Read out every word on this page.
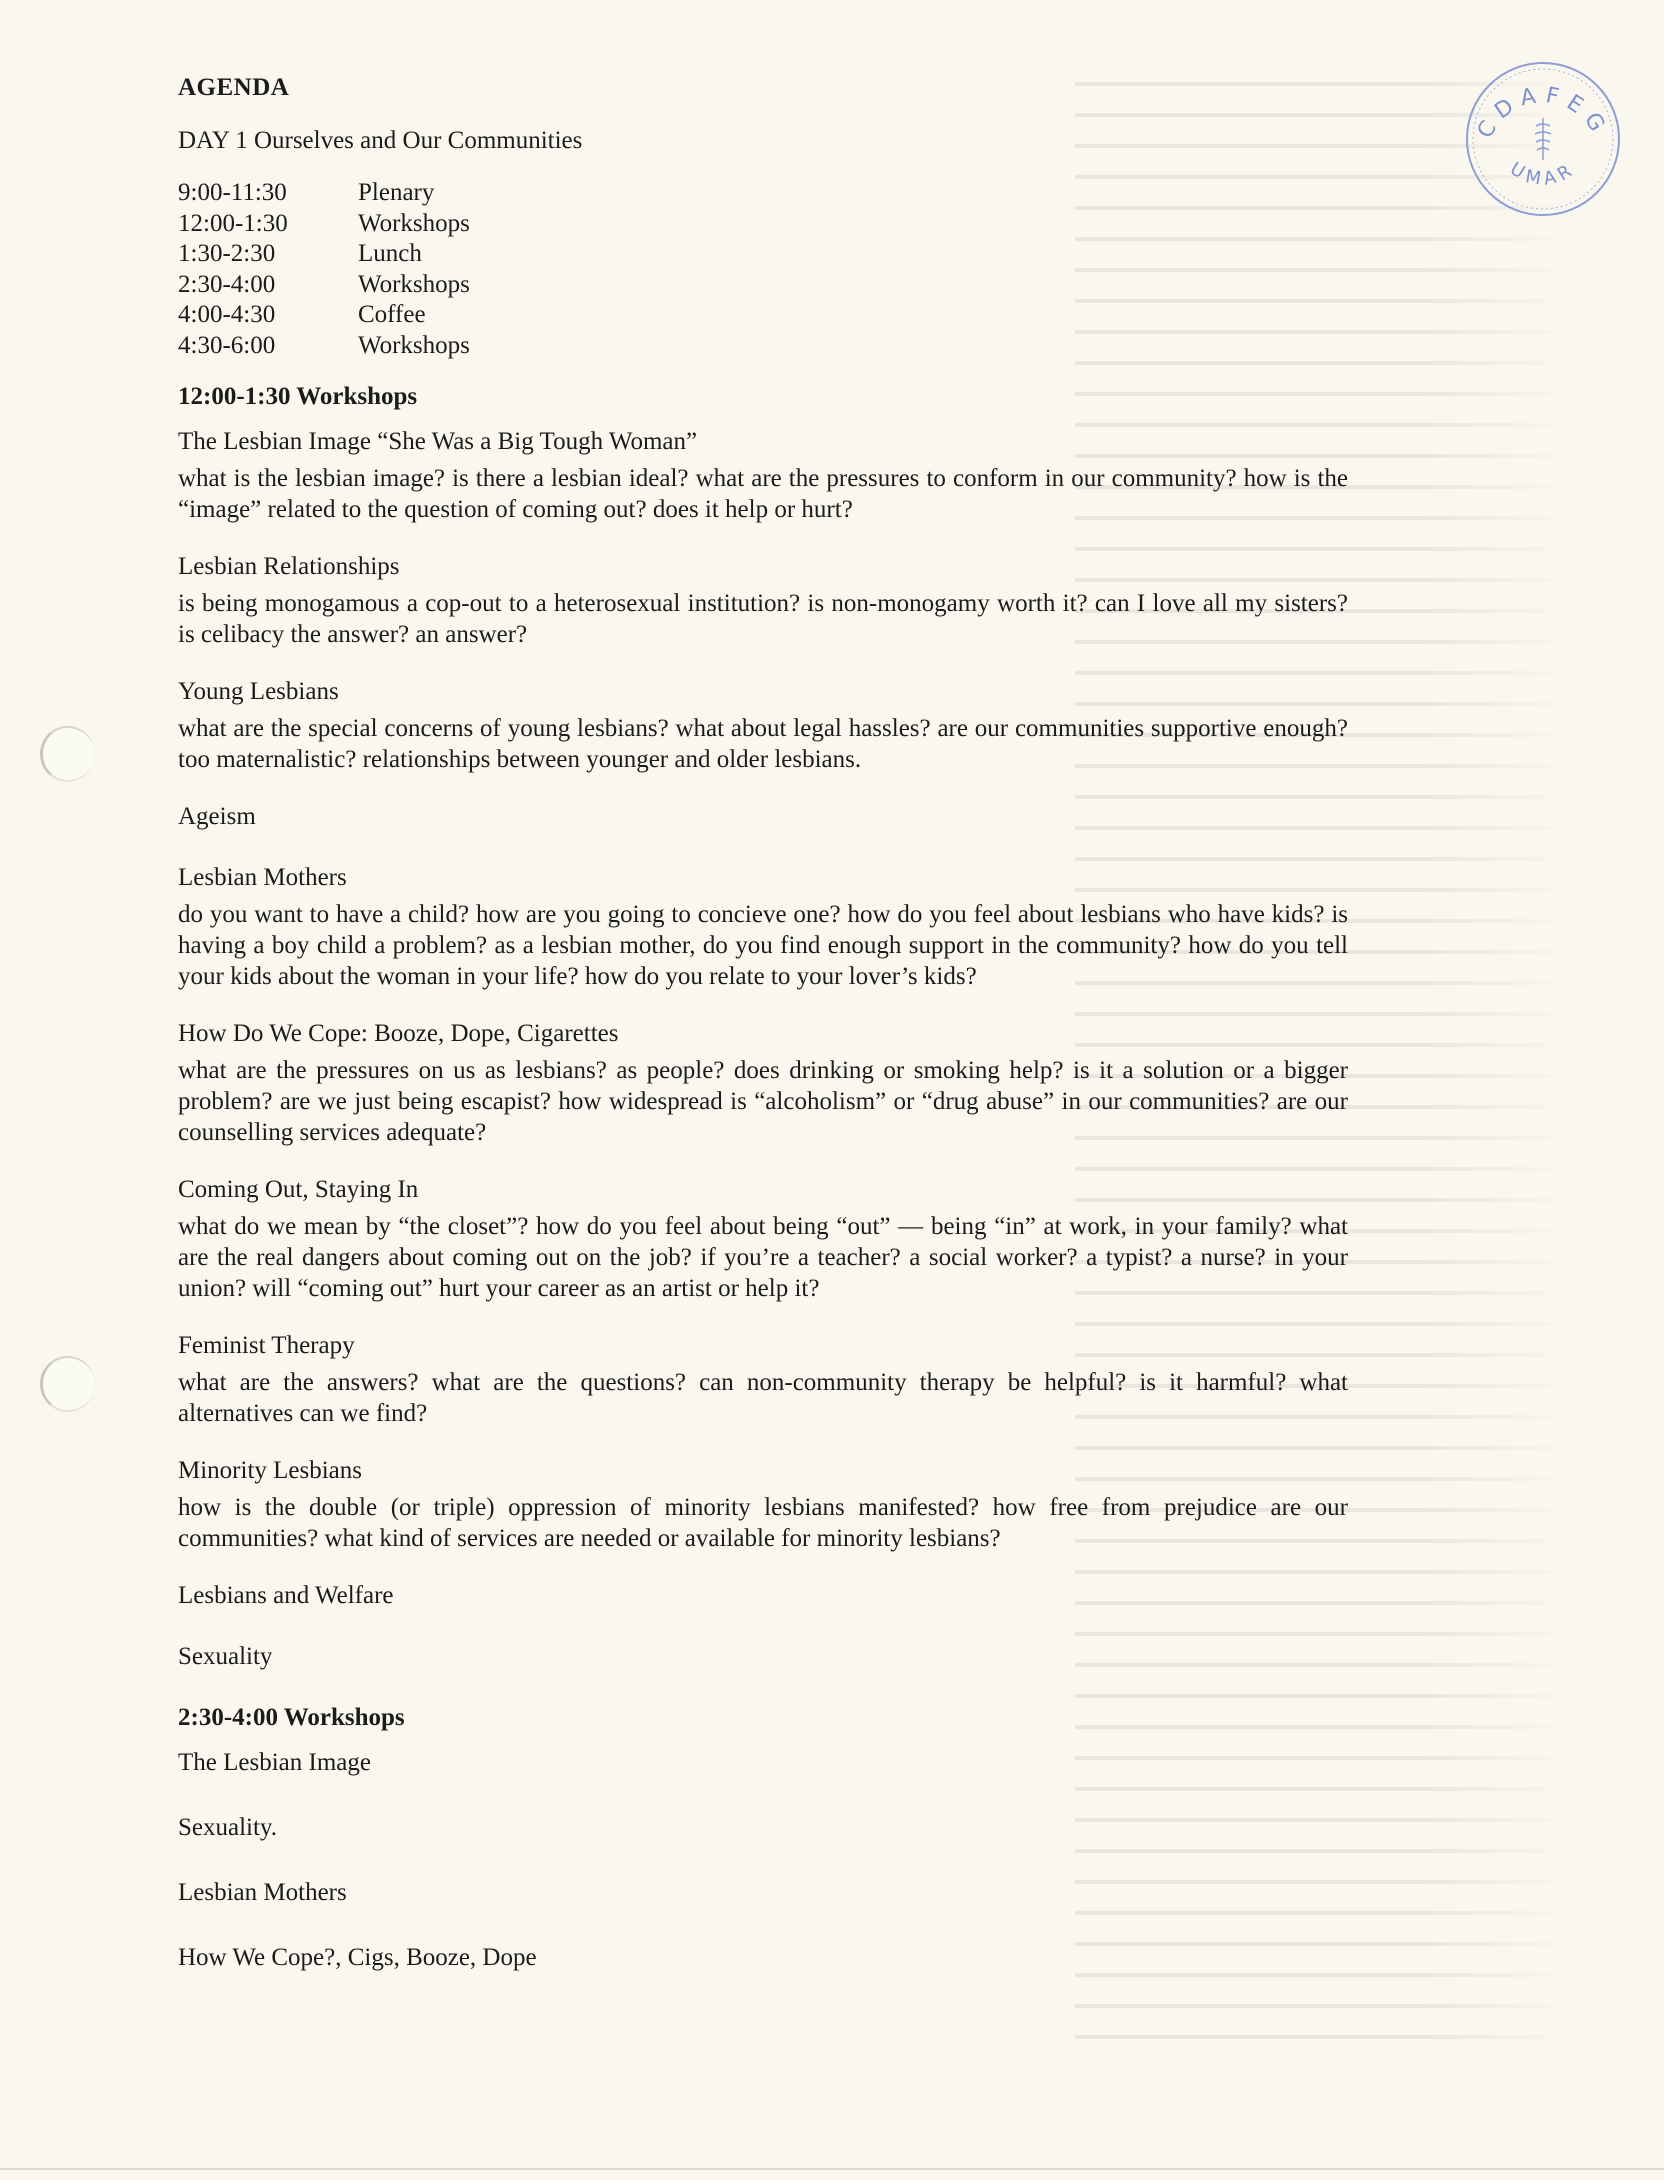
CDAFEG
UMAR
AGENDA
DAY 1 Ourselves and Our Communities
9:00-11:30	Plenary
12:00-1:30	Workshops
1:30-2:30	Lunch
2:30-4:00	Workshops
4:00-4:30	Coffee
4:30-6:00	Workshops
12:00-1:30 Workshops
The Lesbian Image “She Was a Big Tough Woman”

what is the lesbian image? is there a lesbian ideal? what are the pressures to conform in our community? how is the “image” related to the question of coming out? does it help or hurt?

Lesbian Relationships

is being monogamous a cop-out to a heterosexual institution? is non-monogamy worth it? can I love all my sisters? is celibacy the answer? an answer?

Young Lesbians

what are the special concerns of young lesbians? what about legal hassles? are our communities supportive enough? too maternalistic? relationships between younger and older lesbians.

Ageism
Lesbian Mothers

do you want to have a child? how are you going to concieve one? how do you feel about lesbians who have kids? is having a boy child a problem? as a lesbian mother, do you find enough support in the community? how do you tell your kids about the woman in your life? how do you relate to your lover’s kids?

How Do We Cope: Booze, Dope, Cigarettes

what are the pressures on us as lesbians? as people? does drinking or smoking help? is it a solution or a bigger problem? are we just being escapist? how widespread is “alcoholism” or “drug abuse” in our communities? are our counselling services adequate?

Coming Out, Staying In

what do we mean by “the closet”? how do you feel about being “out” — being “in” at work, in your family? what are the real dangers about coming out on the job? if you’re a teacher? a social worker? a typist? a nurse? in your union? will “coming out” hurt your career as an artist or help it?

Feminist Therapy

what are the answers? what are the questions? can non-community therapy be helpful? is it harmful? what alternatives can we find?

Minority Lesbians

how is the double (or triple) oppression of minority lesbians manifested? how free from prejudice are our communities? what kind of services are needed or available for minority lesbians?

Lesbians and Welfare
Sexuality
2:30-4:00 Workshops
The Lesbian Image
Sexuality.
Lesbian Mothers
How We Cope?, Cigs, Booze, Dope
